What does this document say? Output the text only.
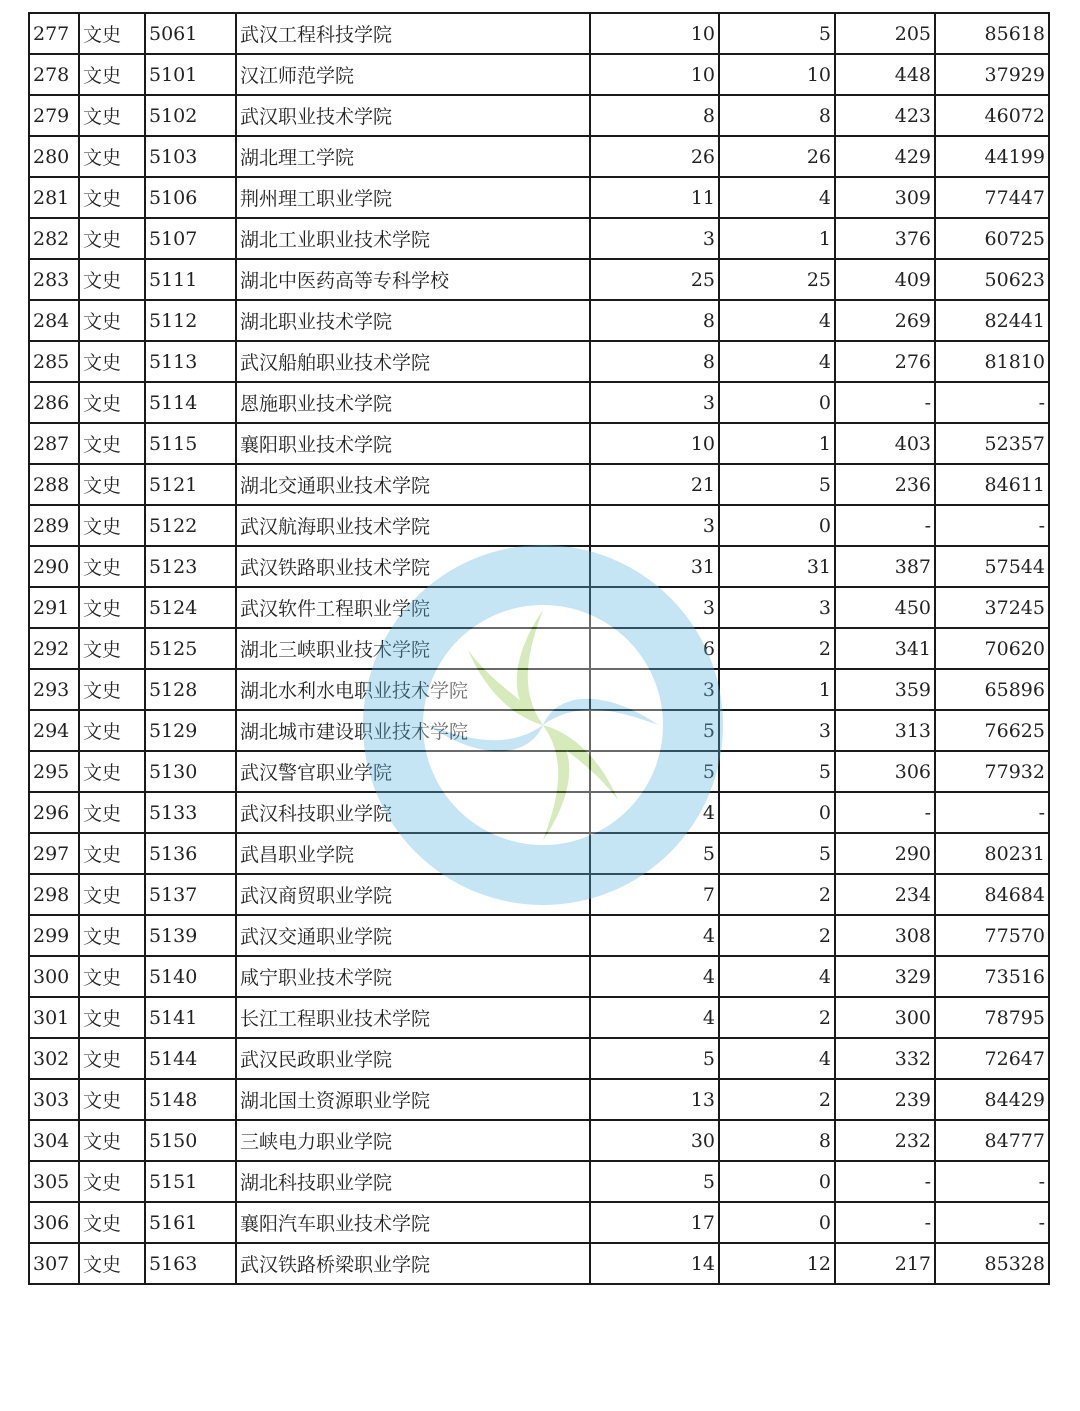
277	文史	5061	武汉工程科技学院	10	5	205	85618
278	文史	5101	汉江师范学院	10	10	448	37929
279	文史	5102	武汉职业技术学院	8	8	423	46072
280	文史	5103	湖北理工学院	26	26	429	44199
281	文史	5106	荆州理工职业学院	11	4	309	77447
282	文史	5107	湖北工业职业技术学院	3	1	376	60725
283	文史	5111	湖北中医药高等专科学校	25	25	409	50623
284	文史	5112	湖北职业技术学院	8	4	269	82441
285	文史	5113	武汉船舶职业技术学院	8	4	276	81810
286	文史	5114	恩施职业技术学院	3	0	-	-
287	文史	5115	襄阳职业技术学院	10	1	403	52357
288	文史	5121	湖北交通职业技术学院	21	5	236	84611
289	文史	5122	武汉航海职业技术学院	3	0	-	-
290	文史	5123	武汉铁路职业技术学院	31	31	387	57544
291	文史	5124	武汉软件工程职业学院	3	3	450	37245
292	文史	5125	湖北三峡职业技术学院	6	2	341	70620
293	文史	5128	湖北水利水电职业技术学院	3	1	359	65896
294	文史	5129	湖北城市建设职业技术学院	5	3	313	76625
295	文史	5130	武汉警官职业学院	5	5	306	77932
296	文史	5133	武汉科技职业学院	4	0	-	-
297	文史	5136	武昌职业学院	5	5	290	80231
298	文史	5137	武汉商贸职业学院	7	2	234	84684
299	文史	5139	武汉交通职业学院	4	2	308	77570
300	文史	5140	咸宁职业技术学院	4	4	329	73516
301	文史	5141	长江工程职业技术学院	4	2	300	78795
302	文史	5144	武汉民政职业学院	5	4	332	72647
303	文史	5148	湖北国土资源职业学院	13	2	239	84429
304	文史	5150	三峡电力职业学院	30	8	232	84777
305	文史	5151	湖北科技职业学院	5	0	-	-
306	文史	5161	襄阳汽车职业技术学院	17	0	-	-
307	文史	5163	武汉铁路桥梁职业学院	14	12	217	85328
